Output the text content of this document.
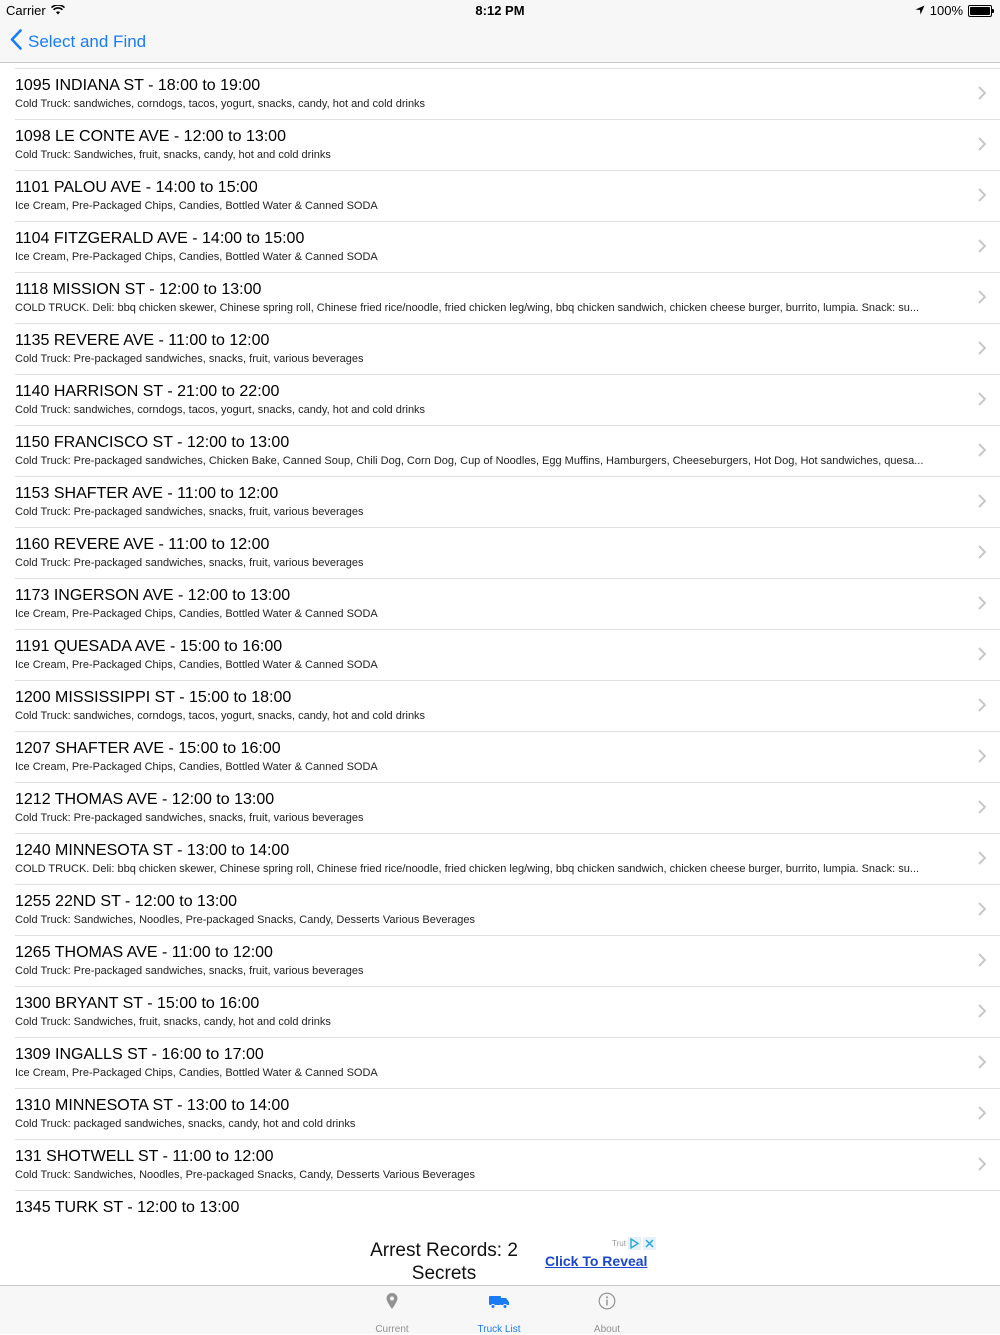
Carrier	8:12 PM	100%
Select and Find
1095 INDIANA ST - 18:00 to 19:00
Cold Truck: sandwiches, corndogs, tacos, yogurt, snacks, candy, hot and cold drinks
1098 LE CONTE AVE - 12:00 to 13:00
Cold Truck: Sandwiches, fruit, snacks, candy, hot and cold drinks
1101 PALOU AVE - 14:00 to 15:00
Ice Cream, Pre-Packaged Chips, Candies, Bottled Water & Canned SODA
1104 FITZGERALD AVE - 14:00 to 15:00
Ice Cream, Pre-Packaged Chips, Candies, Bottled Water & Canned SODA
1118 MISSION ST - 12:00 to 13:00
COLD TRUCK. Deli: bbq chicken skewer, Chinese spring roll, Chinese fried rice/noodle, fried chicken leg/wing, bbq chicken sandwich, chicken cheese burger, burrito, lumpia. Snack: su...
1135 REVERE AVE - 11:00 to 12:00
Cold Truck: Pre-packaged sandwiches, snacks, fruit, various beverages
1140 HARRISON ST - 21:00 to 22:00
Cold Truck: sandwiches, corndogs, tacos, yogurt, snacks, candy, hot and cold drinks
1150 FRANCISCO ST - 12:00 to 13:00
Cold Truck: Pre-packaged sandwiches, Chicken Bake, Canned Soup, Chili Dog, Corn Dog, Cup of Noodles, Egg Muffins, Hamburgers, Cheeseburgers, Hot Dog, Hot sandwiches, quesa...
1153 SHAFTER AVE - 11:00 to 12:00
Cold Truck: Pre-packaged sandwiches, snacks, fruit, various beverages
1160 REVERE AVE - 11:00 to 12:00
Cold Truck: Pre-packaged sandwiches, snacks, fruit, various beverages
1173 INGERSON AVE - 12:00 to 13:00
Ice Cream, Pre-Packaged Chips, Candies, Bottled Water & Canned SODA
1191 QUESADA AVE - 15:00 to 16:00
Ice Cream, Pre-Packaged Chips, Candies, Bottled Water & Canned SODA
1200 MISSISSIPPI ST - 15:00 to 18:00
Cold Truck: sandwiches, corndogs, tacos, yogurt, snacks, candy, hot and cold drinks
1207 SHAFTER AVE - 15:00 to 16:00
Ice Cream, Pre-Packaged Chips, Candies, Bottled Water & Canned SODA
1212 THOMAS AVE - 12:00 to 13:00
Cold Truck: Pre-packaged sandwiches, snacks, fruit, various beverages
1240 MINNESOTA ST - 13:00 to 14:00
COLD TRUCK. Deli: bbq chicken skewer, Chinese spring roll, Chinese fried rice/noodle, fried chicken leg/wing, bbq chicken sandwich, chicken cheese burger, burrito, lumpia. Snack: su...
1255 22ND ST - 12:00 to 13:00
Cold Truck: Sandwiches, Noodles, Pre-packaged Snacks, Candy, Desserts Various Beverages
1265 THOMAS AVE - 11:00 to 12:00
Cold Truck: Pre-packaged sandwiches, snacks, fruit, various beverages
1300 BRYANT ST - 15:00 to 16:00
Cold Truck: Sandwiches, fruit, snacks, candy, hot and cold drinks
1309 INGALLS ST - 16:00 to 17:00
Ice Cream, Pre-Packaged Chips, Candies, Bottled Water & Canned SODA
1310 MINNESOTA ST - 13:00 to 14:00
Cold Truck: packaged sandwiches, snacks, candy, hot and cold drinks
131 SHOTWELL ST - 11:00 to 12:00
Cold Truck: Sandwiches, Noodles, Pre-packaged Snacks, Candy, Desserts Various Beverages
1345 TURK ST - 12:00 to 13:00
Arrest Records: 2 Secrets
Click To Reveal
Trut
Current	Truck List	About
